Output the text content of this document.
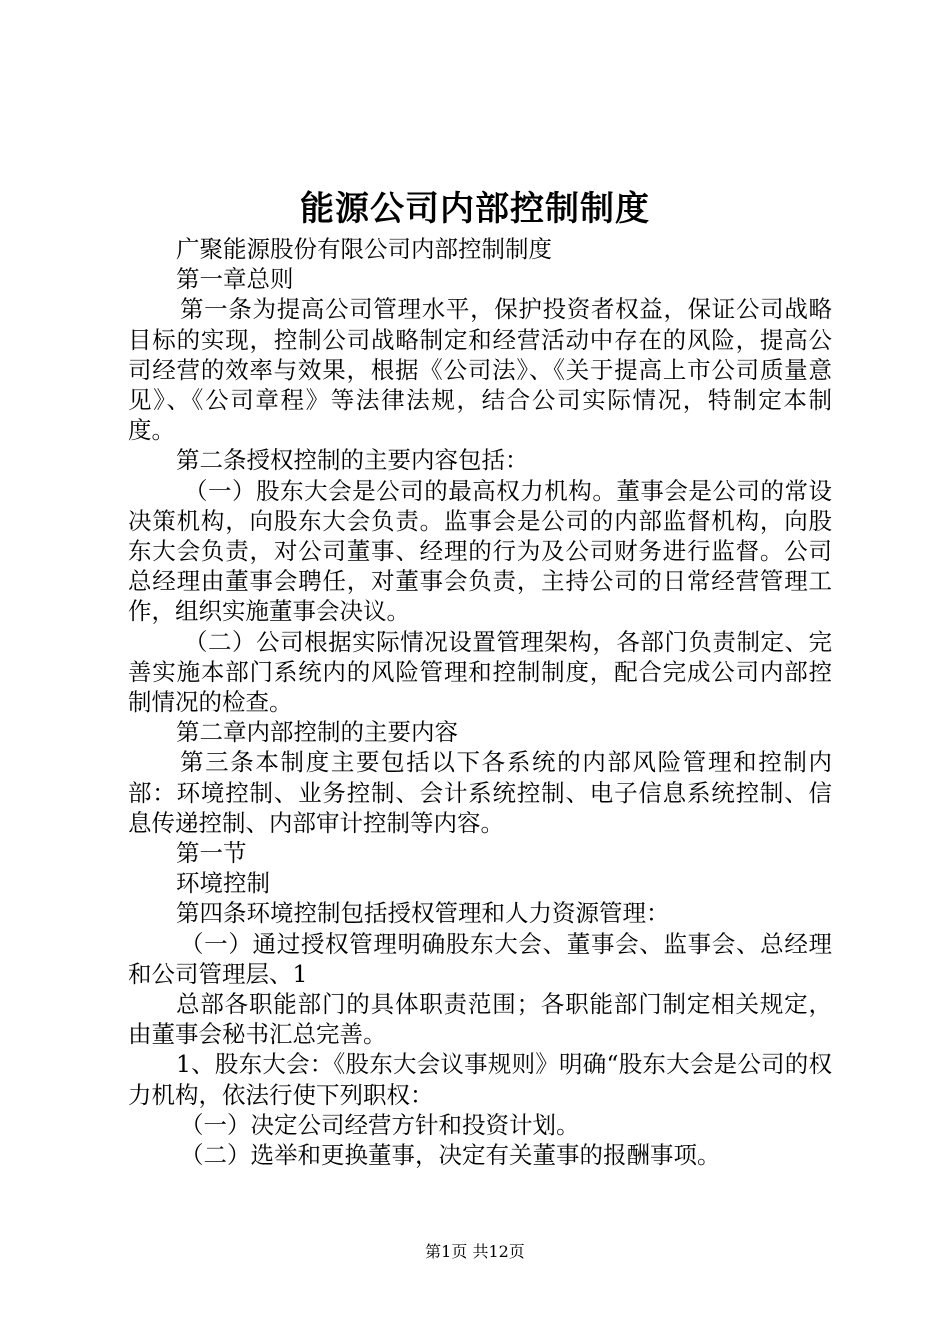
能源公司内部控制制度

广聚能源股份有限公司内部控制制度

第一章总则

第一条为提高公司管理水平，保护投资者权益，保证公司战略目标的实现，控制公司战略制定和经营活动中存在的风险，提高公司经营的效率与效果，根据《公司法》、《关于提高上市公司质量意见》、《公司章程》等法律法规，结合公司实际情况，特制定本制度。

第二条授权控制的主要内容包括：

（一）股东大会是公司的最高权力机构。董事会是公司的常设决策机构，向股东大会负责。监事会是公司的内部监督机构，向股东大会负责，对公司董事、经理的行为及公司财务进行监督。公司总经理由董事会聘任，对董事会负责，主持公司的日常经营管理工作，组织实施董事会决议。

（二）公司根据实际情况设置管理架构，各部门负责制定、完善实施本部门系统内的风险管理和控制制度，配合完成公司内部控制情况的检查。

第二章内部控制的主要内容

第三条本制度主要包括以下各系统的内部风险管理和控制内部：环境控制、业务控制、会计系统控制、电子信息系统控制、信息传递控制、内部审计控制等内容。

第一节

环境控制

第四条环境控制包括授权管理和人力资源管理：

（一）通过授权管理明确股东大会、董事会、监事会、总经理和公司管理层、1

总部各职能部门的具体职责范围；各职能部门制定相关规定，由董事会秘书汇总完善。

1、股东大会：《股东大会议事规则》明确“股东大会是公司的权力机构，依法行使下列职权：

（一）决定公司经营方针和投资计划。

（二）选举和更换董事，决定有关董事的报酬事项。

第1页 共12页
